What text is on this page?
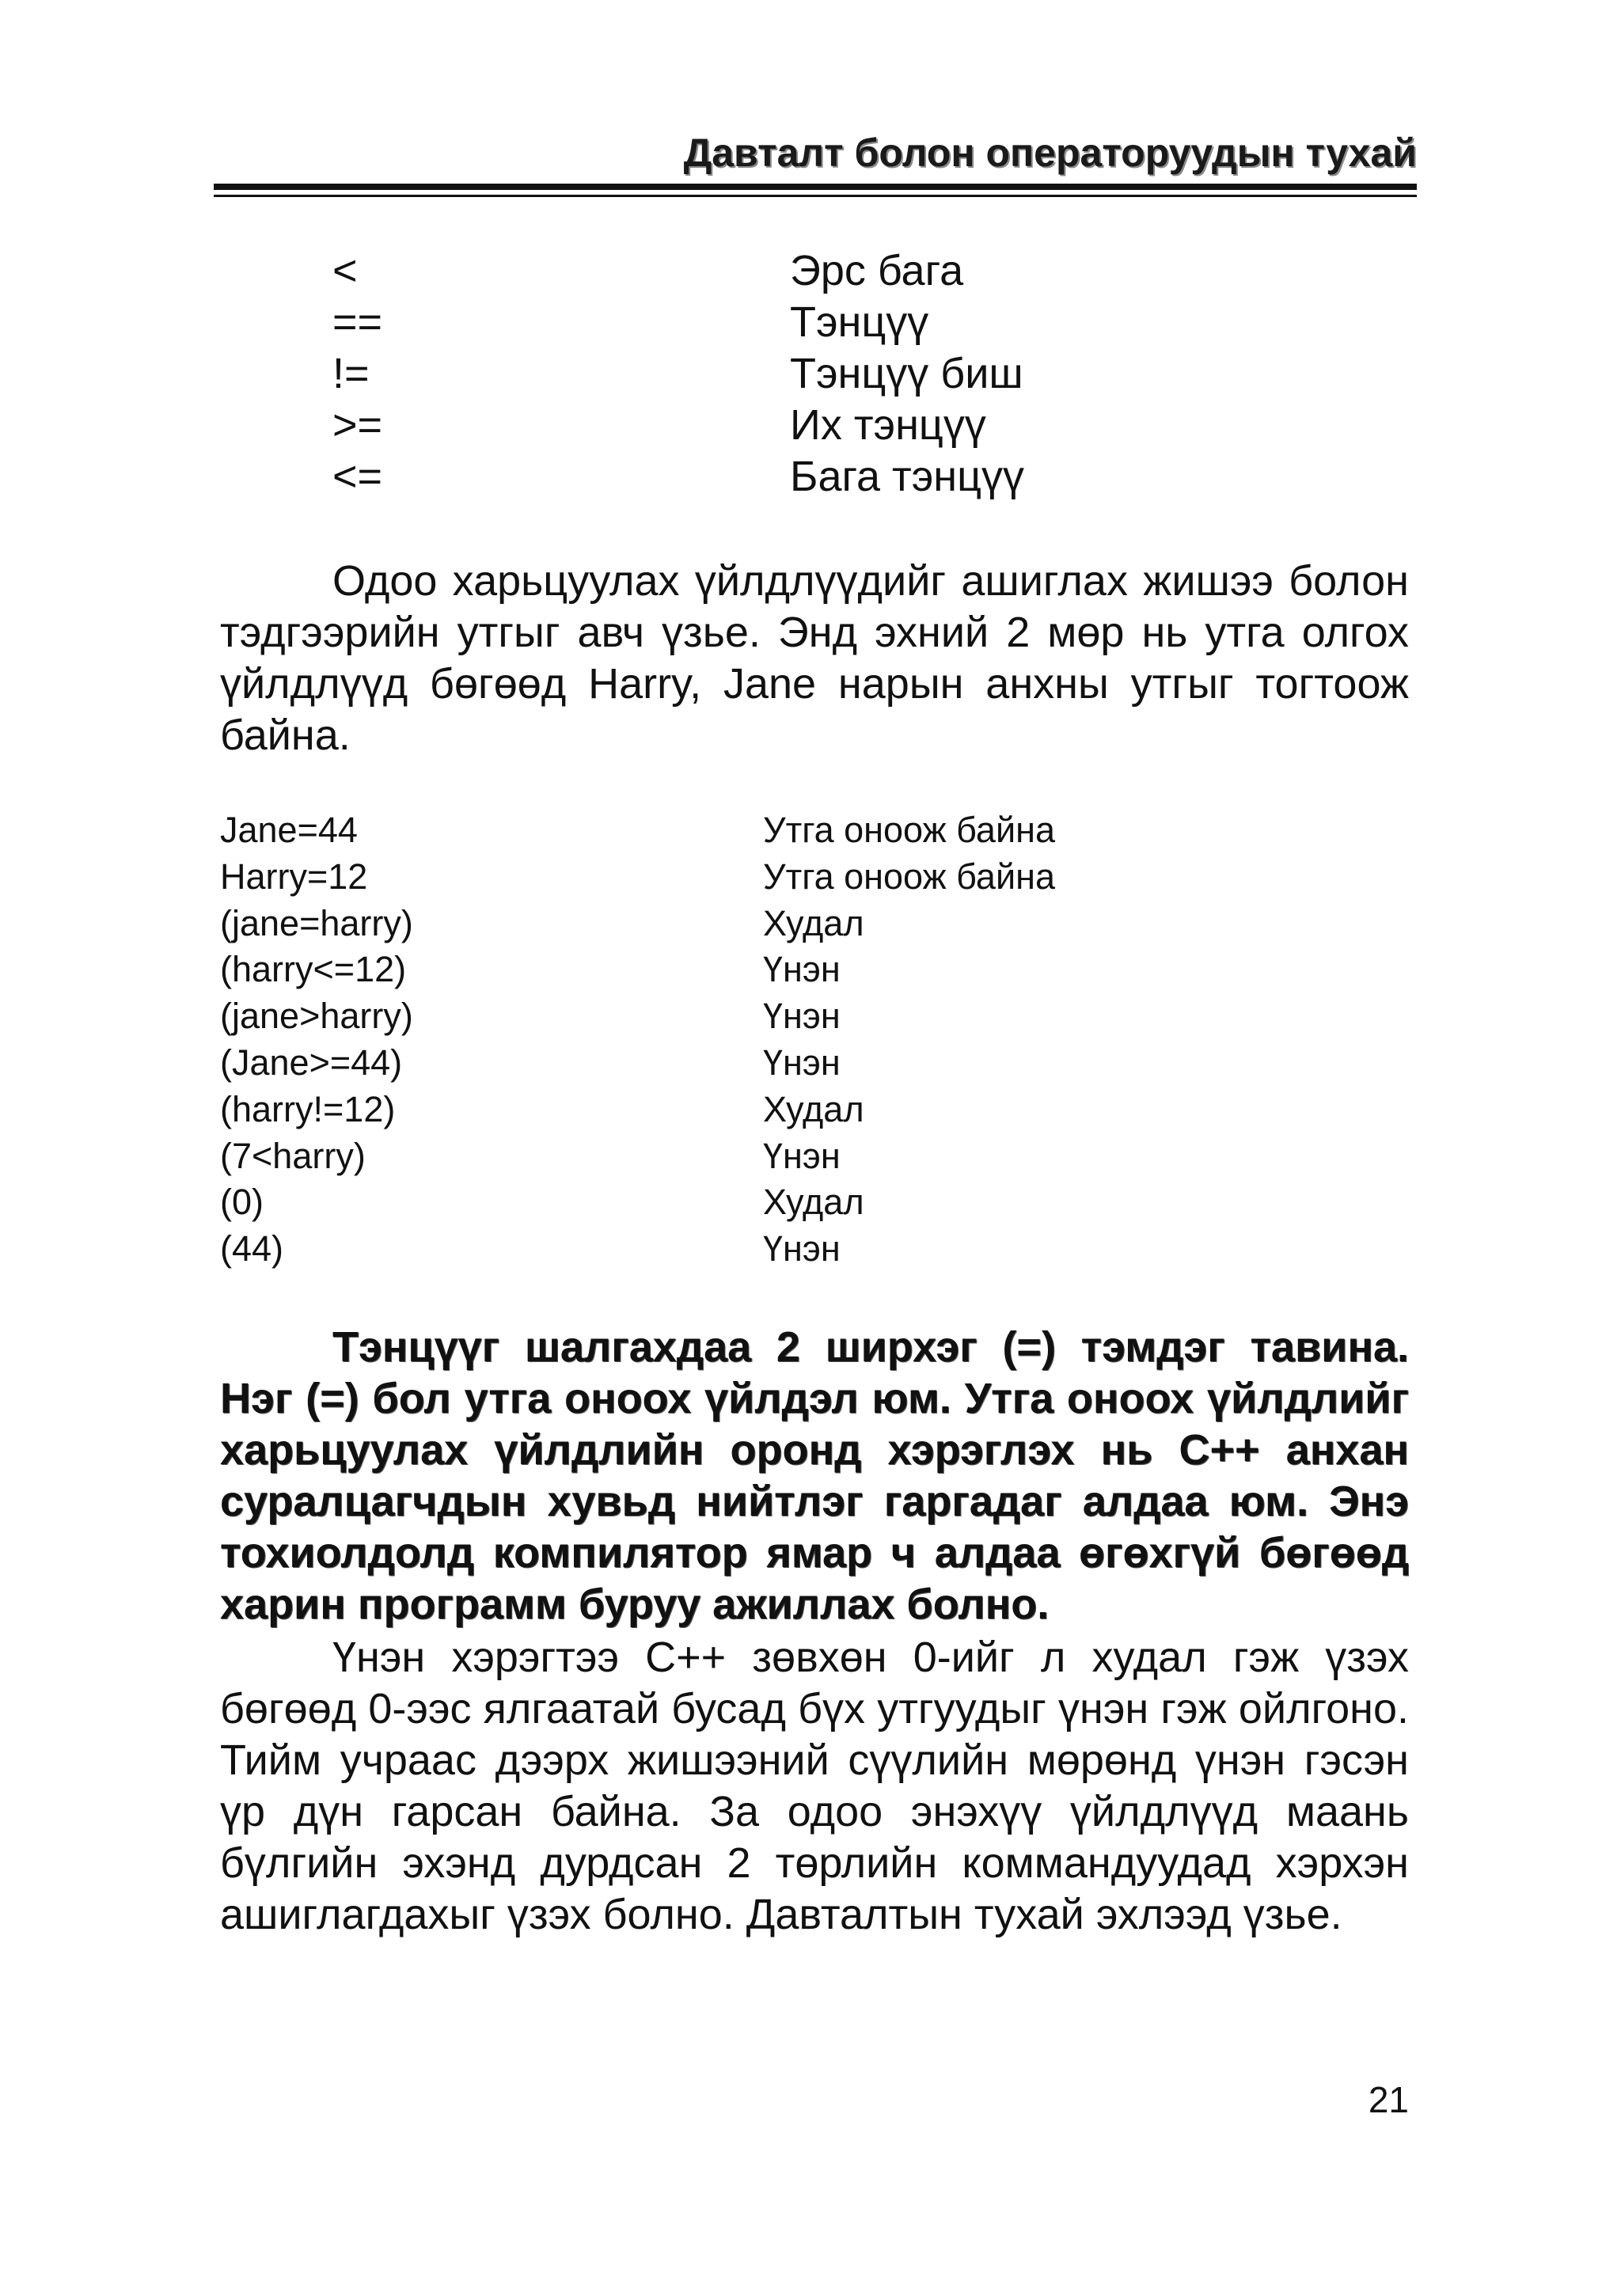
Давталт болон операторуудын тухай
<	Эрс бага
==	Тэнцүү
!=	Тэнцүү биш
>=	Их тэнцүү
<=	Бага тэнцүү

Одоо харьцуулах үйлдлүүдийг ашиглах жишээ болон тэдгээрийн утгыг авч үзье. Энд эхний 2 мөр нь утга олгох үйлдлүүд бөгөөд Harry, Jane нарын анхны утгыг тогтоож байна.

Jane=44	Утга оноож байна
Harry=12	Утга оноож байна
(jane=harry)	Худал
(harry<=12)	Үнэн
(jane>harry)	Үнэн
(Jane>=44)	Үнэн
(harry!=12)	Худал
(7<harry)	Үнэн
(0)	Худал
(44)	Үнэн

Тэнцүүг шалгахдаа 2 ширхэг (=) тэмдэг тавина. Нэг (=) бол утга оноох үйлдэл юм. Утга оноох үйлдлийг харьцуулах үйлдлийн оронд хэрэглэх нь C++ анхан суралцагчдын хувьд нийтлэг гаргадаг алдаа юм. Энэ тохиолдолд компилятор ямар ч алдаа өгөхгүй бөгөөд харин программ буруу ажиллах болно.

Үнэн хэрэгтээ C++ зөвхөн 0-ийг л худал гэж үзэх бөгөөд 0-ээс ялгаатай бусад бүх утгуудыг үнэн гэж ойлгоно. Тийм учраас дээрх жишээний сүүлийн мөрөнд үнэн гэсэн үр дүн гарсан байна. За одоо энэхүү үйлдлүүд маань бүлгийн эхэнд дурдсан 2 төрлийн коммандуудад хэрхэн ашиглагдахыг үзэх болно. Давталтын тухай эхлээд үзье.

21
